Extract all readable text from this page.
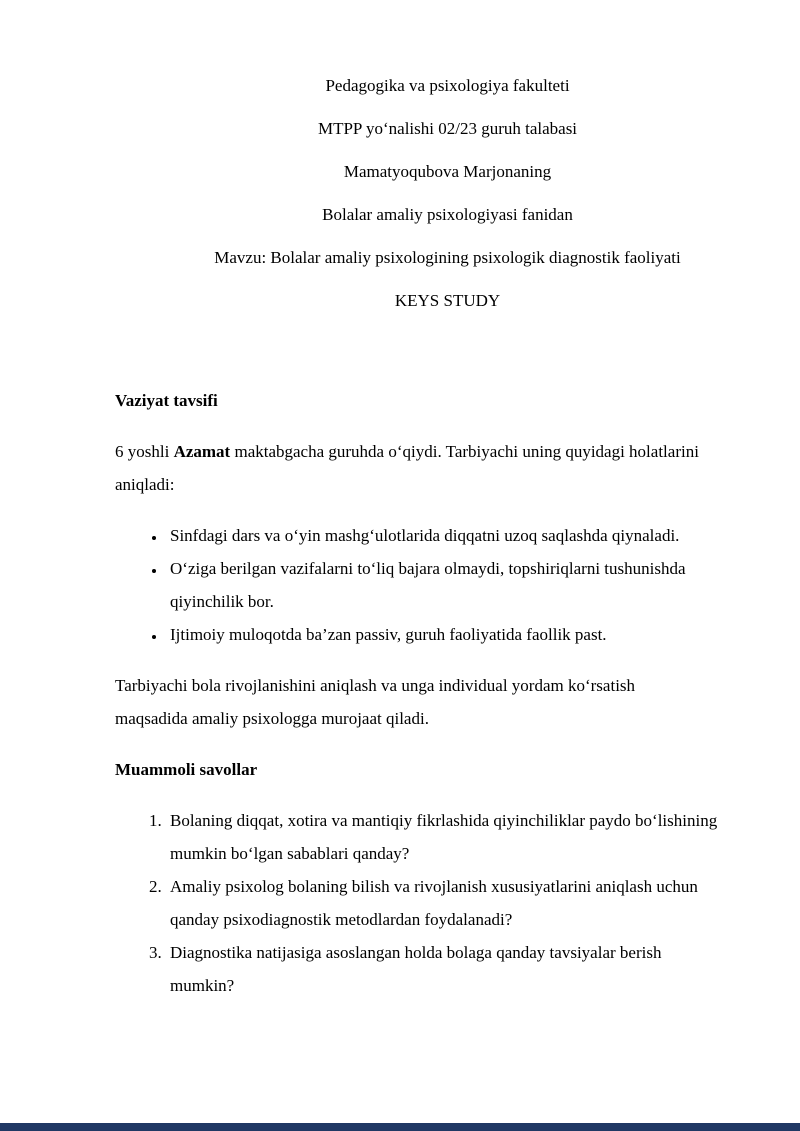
Pedagogika va psixologiya fakulteti

MTPP yo‘nalishi 02/23 guruh talabasi

Mamatyoqubova Marjonaning

Bolalar amaliy psixologiyasi fanidan

Mavzu: Bolalar amaliy psixologining psixologik diagnostik faoliyati

KEYS STUDY

Vaziyat tavsifi

6 yoshli Azamat maktabgacha guruhda o‘qiydi. Tarbiyachi uning quyidagi holatlarini aniqladi:

• Sinfdagi dars va o‘yin mashg‘ulotlarida diqqatni uzoq saqlashda qiynaladi.
• O‘ziga berilgan vazifalarni to‘liq bajara olmaydi, topshiriqlarni tushunishda qiyinchilik bor.
• Ijtimoiy muloqotda ba’zan passiv, guruh faoliyatida faollik past.

Tarbiyachi bola rivojlanishini aniqlash va unga individual yordam ko‘rsatish maqsadida amaliy psixologga murojaat qiladi.

Muammoli savollar

1. Bolaning diqqat, xotira va mantiqiy fikrlashida qiyinchiliklar paydo bo‘lishining mumkin bo‘lgan sabablari qanday?
2. Amaliy psixolog bolaning bilish va rivojlanish xususiyatlarini aniqlash uchun qanday psixodiagnostik metodlardan foydalanadi?
3. Diagnostika natijasiga asoslangan holda bolaga qanday tavsiyalar berish mumkin?
